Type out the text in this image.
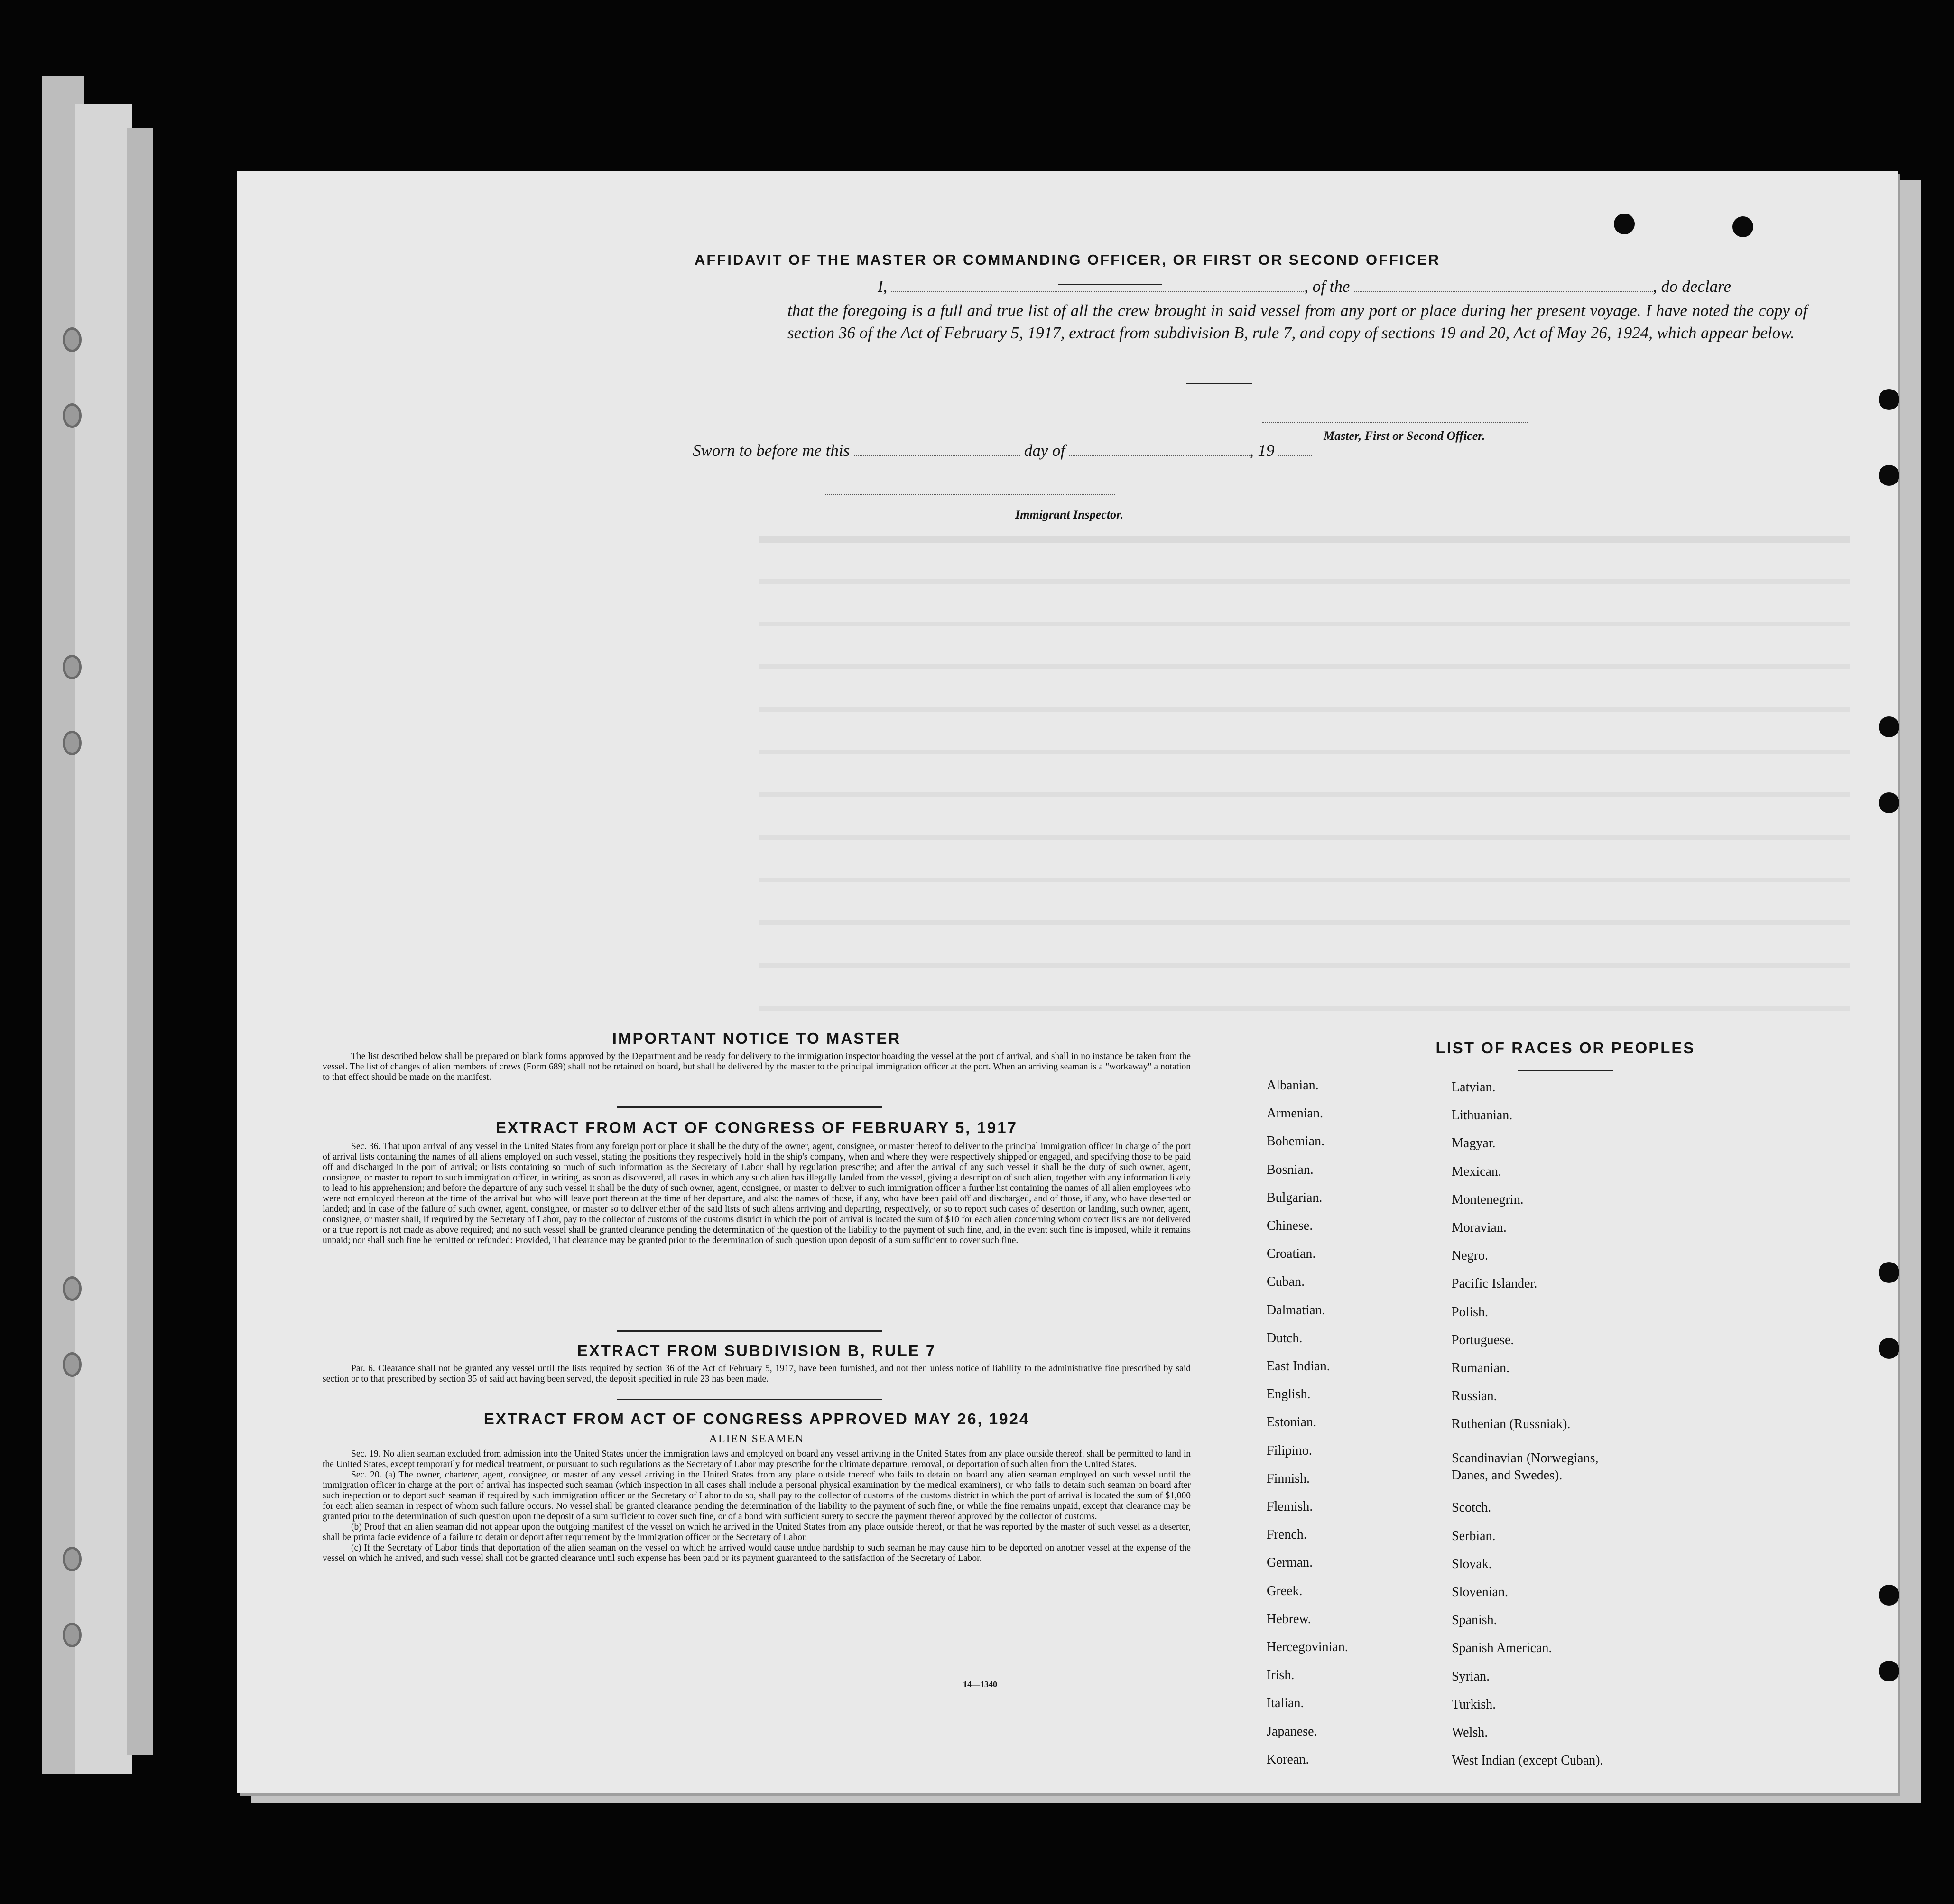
AFFIDAVIT OF THE MASTER OR COMMANDING OFFICER, OR FIRST OR SECOND OFFICER
I,	, of the	, do declare
that the foregoing is a full and true list of all the crew brought in said vessel from any port or place during her present voyage. I have noted the copy of section 36 of the Act of February 5, 1917, extract from subdivision B, rule 7, and copy of sections 19 and 20, Act of May 26, 1924, which appear below.
Master, First or Second Officer.
Sworn to before me this	day of	, 19
Immigrant Inspector.
IMPORTANT NOTICE TO MASTER

The list described below shall be prepared on blank forms approved by the Department and be ready for delivery to the immigration inspector boarding the vessel at the port of arrival, and shall in no instance be taken from the vessel. The list of changes of alien members of crews (Form 689) shall not be retained on board, but shall be delivered by the master to the principal immigration officer at the port. When an arriving seaman is a "workaway" a notation to that effect should be made on the manifest.

EXTRACT FROM ACT OF CONGRESS OF FEBRUARY 5, 1917

Sec. 36. That upon arrival of any vessel in the United States from any foreign port or place it shall be the duty of the owner, agent, consignee, or master thereof to deliver to the principal immigration officer in charge of the port of arrival lists containing the names of all aliens employed on such vessel, stating the positions they respectively hold in the ship's company, when and where they were respectively shipped or engaged, and specifying those to be paid off and discharged in the port of arrival; or lists containing so much of such information as the Secretary of Labor shall by regulation prescribe; and after the arrival of any such vessel it shall be the duty of such owner, agent, consignee, or master to report to such immigration officer, in writing, as soon as discovered, all cases in which any such alien has illegally landed from the vessel, giving a description of such alien, together with any information likely to lead to his apprehension; and before the departure of any such vessel it shall be the duty of such owner, agent, consignee, or master to deliver to such immigration officer a further list containing the names of all alien employees who were not employed thereon at the time of the arrival but who will leave port thereon at the time of her departure, and also the names of those, if any, who have been paid off and discharged, and of those, if any, who have deserted or landed; and in case of the failure of such owner, agent, consignee, or master so to deliver either of the said lists of such aliens arriving and departing, respectively, or so to report such cases of desertion or landing, such owner, agent, consignee, or master shall, if required by the Secretary of Labor, pay to the collector of customs of the customs district in which the port of arrival is located the sum of $10 for each alien concerning whom correct lists are not delivered or a true report is not made as above required; and no such vessel shall be granted clearance pending the determination of the question of the liability to the payment of such fine, and, in the event such fine is imposed, while it remains unpaid; nor shall such fine be remitted or refunded: Provided, That clearance may be granted prior to the determination of such question upon deposit of a sum sufficient to cover such fine.

EXTRACT FROM SUBDIVISION B, RULE 7

Par. 6. Clearance shall not be granted any vessel until the lists required by section 36 of the Act of February 5, 1917, have been furnished, and not then unless notice of liability to the administrative fine prescribed by said section or to that prescribed by section 35 of said act having been served, the deposit specified in rule 23 has been made.

EXTRACT FROM ACT OF CONGRESS APPROVED MAY 26, 1924
ALIEN SEAMEN

Sec. 19. No alien seaman excluded from admission into the United States under the immigration laws and employed on board any vessel arriving in the United States from any place outside thereof, shall be permitted to land in the United States, except temporarily for medical treatment, or pursuant to such regulations as the Secretary of Labor may prescribe for the ultimate departure, removal, or deportation of such alien from the United States.

Sec. 20. (a) The owner, charterer, agent, consignee, or master of any vessel arriving in the United States from any place outside thereof who fails to detain on board any alien seaman employed on such vessel until the immigration officer in charge at the port of arrival has inspected such seaman (which inspection in all cases shall include a personal physical examination by the medical examiners), or who fails to detain such seaman on board after such inspection or to deport such seaman if required by such immigration officer or the Secretary of Labor to do so, shall pay to the collector of customs of the customs district in which the port of arrival is located the sum of $1,000 for each alien seaman in respect of whom such failure occurs. No vessel shall be granted clearance pending the determination of the liability to the payment of such fine, or while the fine remains unpaid, except that clearance may be granted prior to the determination of such question upon the deposit of a sum sufficient to cover such fine, or of a bond with sufficient surety to secure the payment thereof approved by the collector of customs.

(b) Proof that an alien seaman did not appear upon the outgoing manifest of the vessel on which he arrived in the United States from any place outside thereof, or that he was reported by the master of such vessel as a deserter, shall be prima facie evidence of a failure to detain or deport after requirement by the immigration officer or the Secretary of Labor.

(c) If the Secretary of Labor finds that deportation of the alien seaman on the vessel on which he arrived would cause undue hardship to such seaman he may cause him to be deported on another vessel at the expense of the vessel on which he arrived, and such vessel shall not be granted clearance until such expense has been paid or its payment guaranteed to the satisfaction of the Secretary of Labor.

14—1340
LIST OF RACES OR PEOPLES
Albanian.
Armenian.
Bohemian.
Bosnian.
Bulgarian.
Chinese.
Croatian.
Cuban.
Dalmatian.
Dutch.
East Indian.
English.
Estonian.
Filipino.
Finnish.
Flemish.
French.
German.
Greek.
Hebrew.
Hercegovinian.
Irish.
Italian.
Japanese.
Korean.
Latvian.
Lithuanian.
Magyar.
Mexican.
Montenegrin.
Moravian.
Negro.
Pacific Islander.
Polish.
Portuguese.
Rumanian.
Russian.
Ruthenian (Russniak).
Scandinavian (Norwegians,
Danes, and Swedes).
Scotch.
Serbian.
Slovak.
Slovenian.
Spanish.
Spanish American.
Syrian.
Turkish.
Welsh.
West Indian (except Cuban).
